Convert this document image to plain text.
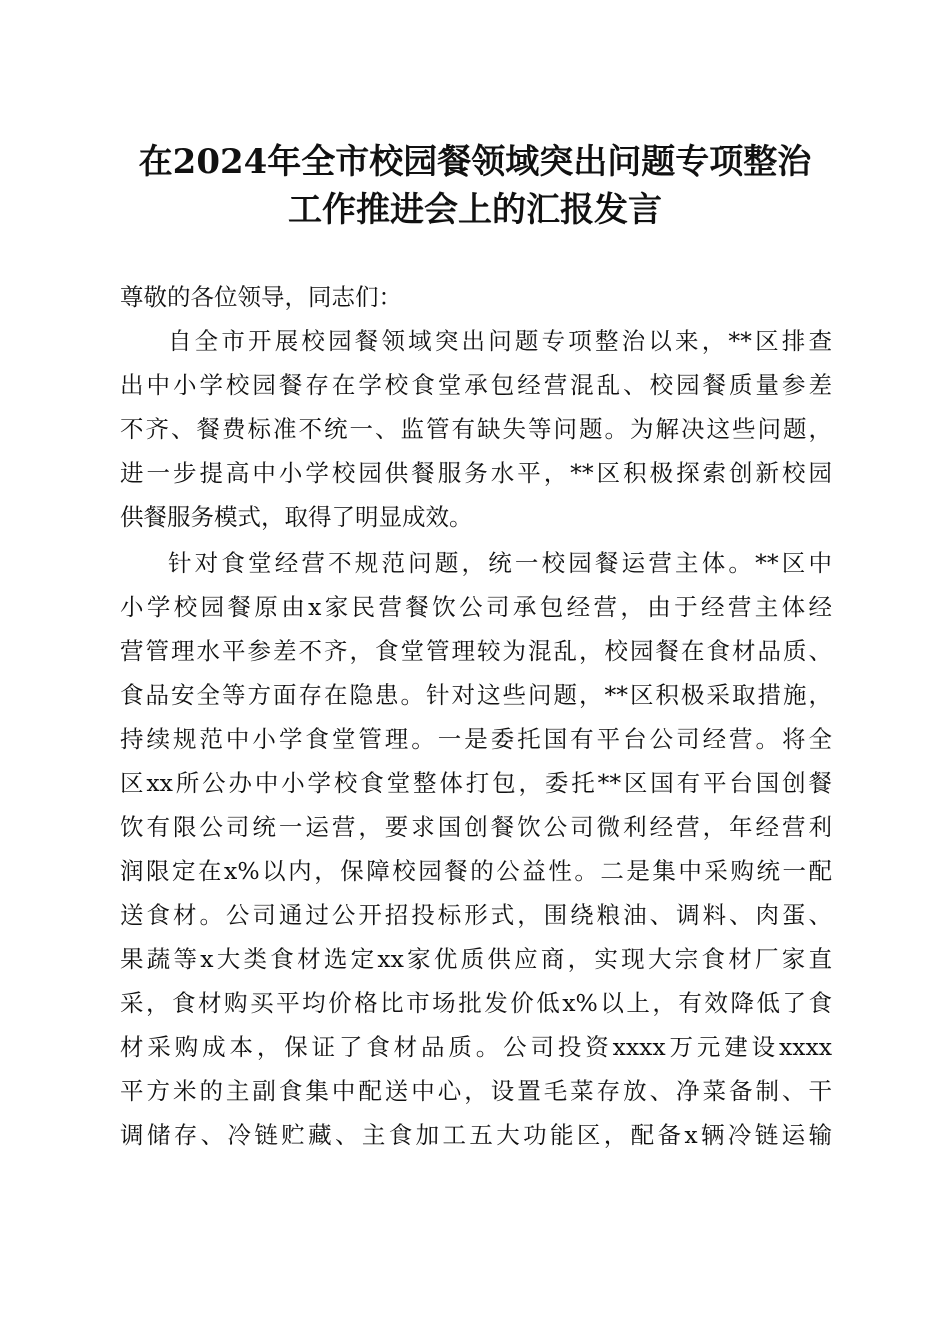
在2024年全市校园餐领域突出问题专项整治
工作推进会上的汇报发言

尊敬的各位领导，同志们：

自全市开展校园餐领域突出问题专项整治以来，**区排查

出中小学校园餐存在学校食堂承包经营混乱、校园餐质量参差

不齐、餐费标准不统一、监管有缺失等问题。为解决这些问题，

进一步提高中小学校园供餐服务水平，**区积极探索创新校园

供餐服务模式，取得了明显成效。

针对食堂经营不规范问题，统一校园餐运营主体。**区中

小学校园餐原由x家民营餐饮公司承包经营，由于经营主体经

营管理水平参差不齐，食堂管理较为混乱，校园餐在食材品质、

食品安全等方面存在隐患。针对这些问题，**区积极采取措施，

持续规范中小学食堂管理。一是委托国有平台公司经营。将全

区xx所公办中小学校食堂整体打包，委托**区国有平台国创餐

饮有限公司统一运营，要求国创餐饮公司微利经营，年经营利

润限定在x%以内，保障校园餐的公益性。二是集中采购统一配

送食材。公司通过公开招投标形式，围绕粮油、调料、肉蛋、

果蔬等x大类食材选定xx家优质供应商，实现大宗食材厂家直

采，食材购买平均价格比市场批发价低x%以上，有效降低了食

材采购成本，保证了食材品质。公司投资xxxx万元建设xxxx

平方米的主副食集中配送中心，设置毛菜存放、净菜备制、干

调储存、冷链贮藏、主食加工五大功能区，配备x辆冷链运输
